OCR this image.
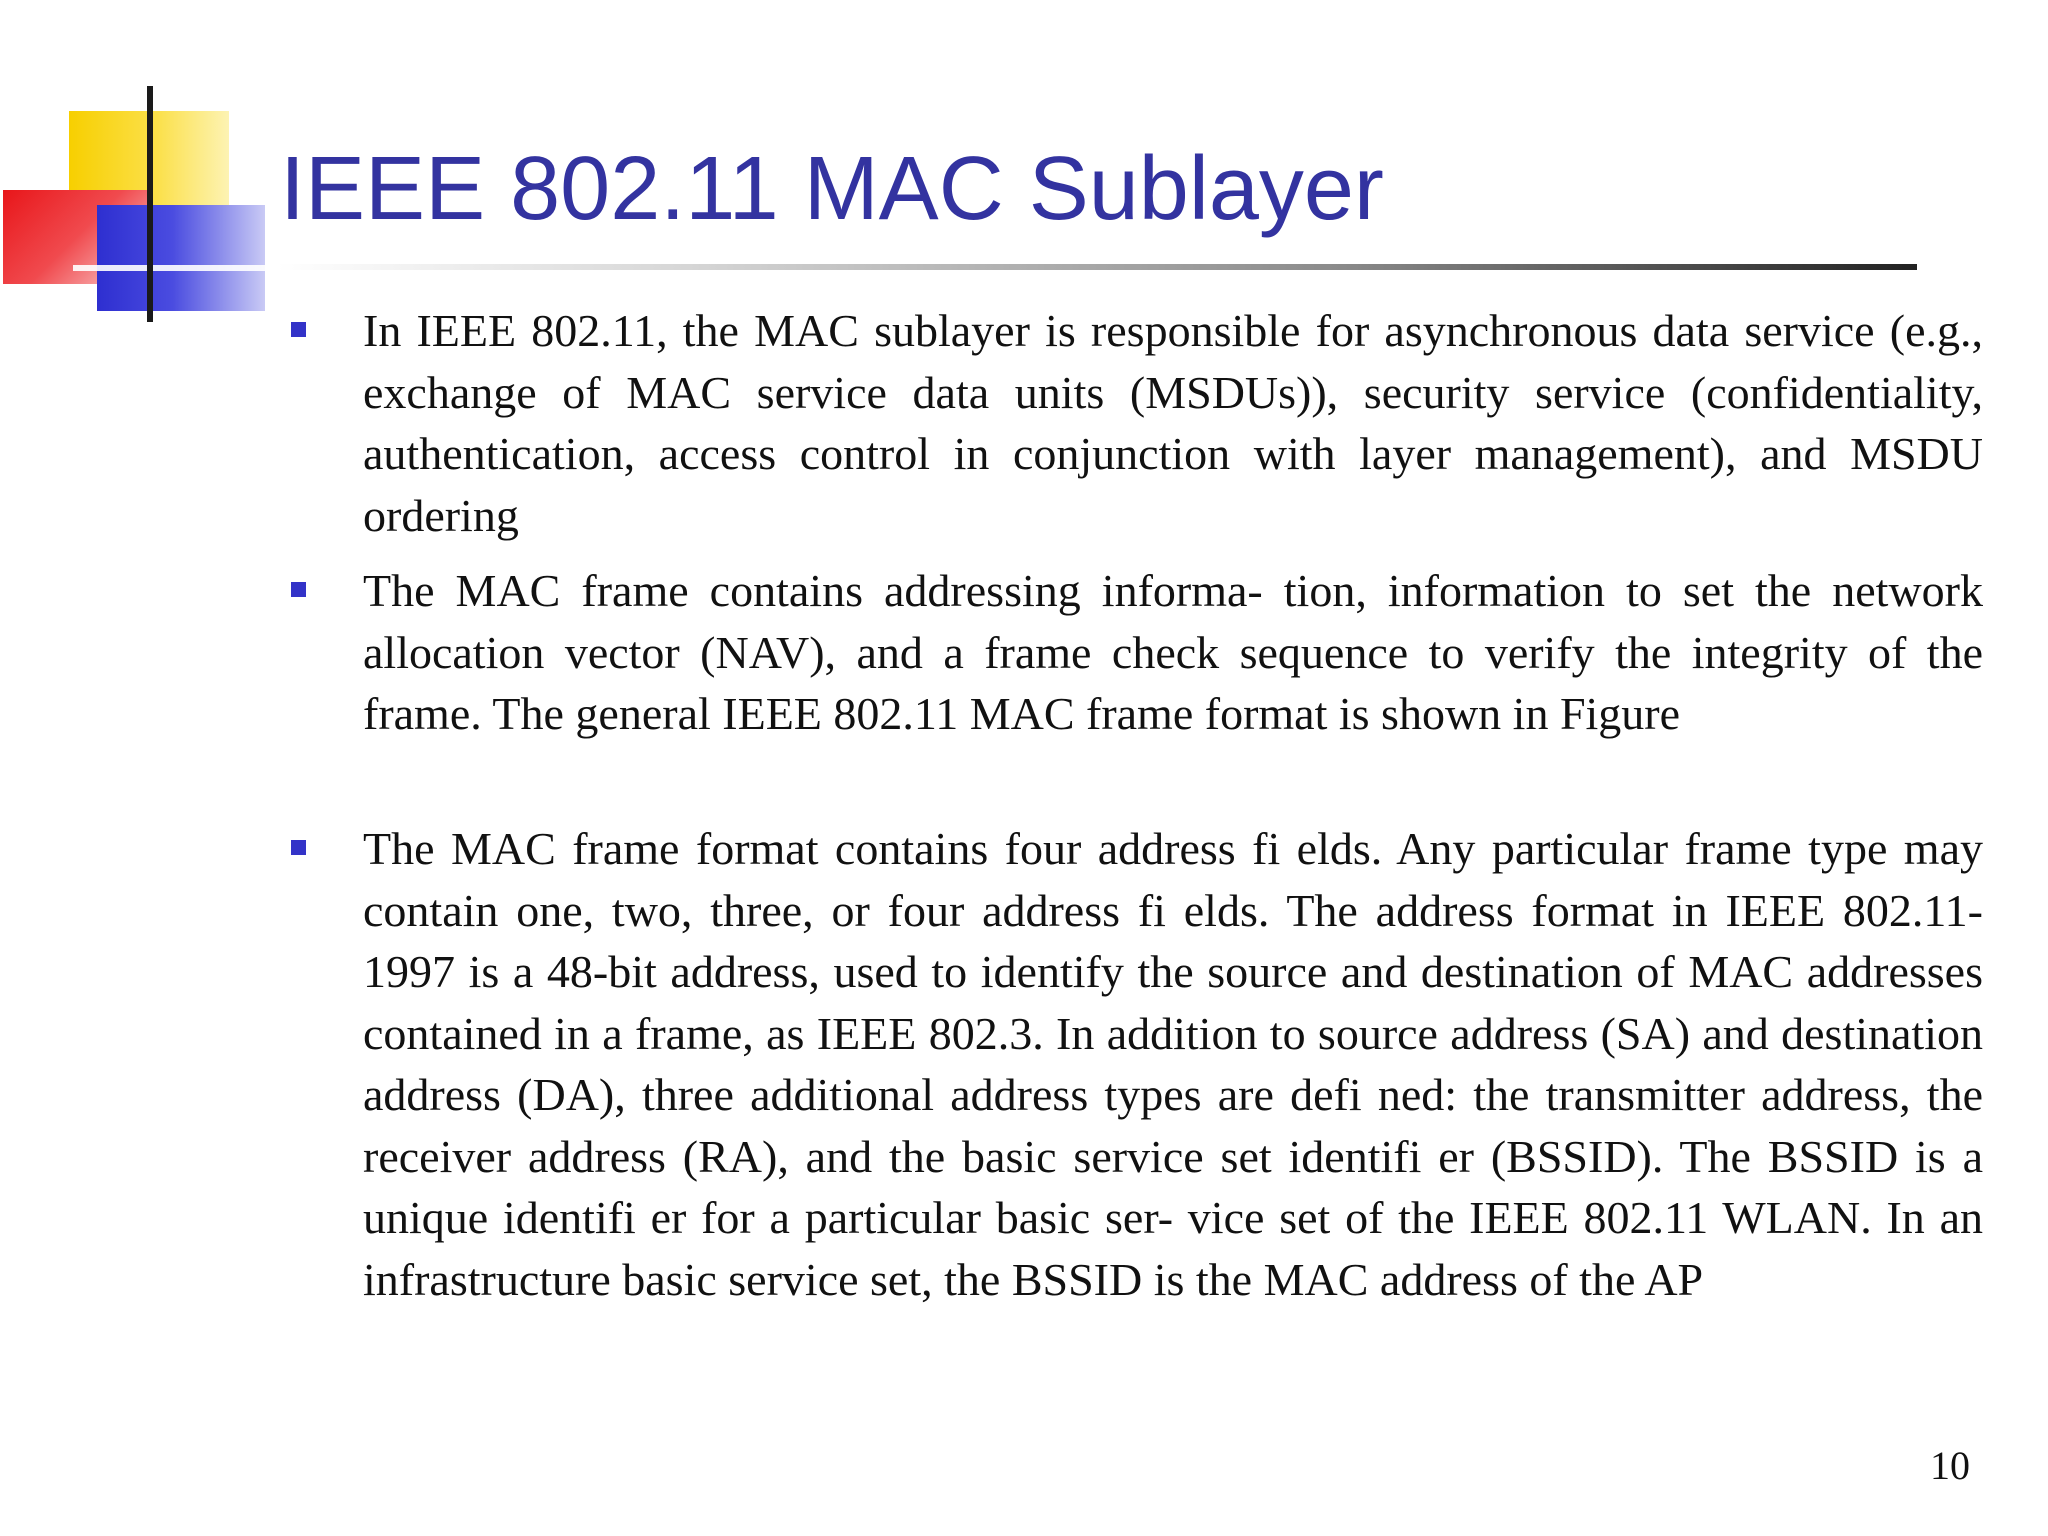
IEEE 802.11 MAC Sublayer
In IEEE 802.11, the MAC sublayer is responsible for asynchronous data service (e.g., exchange of MAC service data units (MSDUs)), security service (confidentiality, authentication, access control in conjunction with layer management), and MSDU ordering
The MAC frame contains addressing informa- tion, information to set the network allocation vector (NAV), and a frame check sequence to verify the integrity of the frame. The general IEEE 802.11 MAC frame format is shown in Figure
The MAC frame format contains four address fi elds. Any particular frame type may contain one, two, three, or four address fi elds. The address format in IEEE 802.11-1997 is a 48-bit address, used to identify the source and destination of MAC addresses contained in a frame, as IEEE 802.3. In addition to source address (SA) and destination address (DA), three additional address types are defi ned: the transmitter address, the receiver address (RA), and the basic service set identifi er (BSSID). The BSSID is a unique identifi er for a particular basic ser- vice set of the IEEE 802.11 WLAN. In an infrastructure basic service set, the BSSID is the MAC address of the AP
10
